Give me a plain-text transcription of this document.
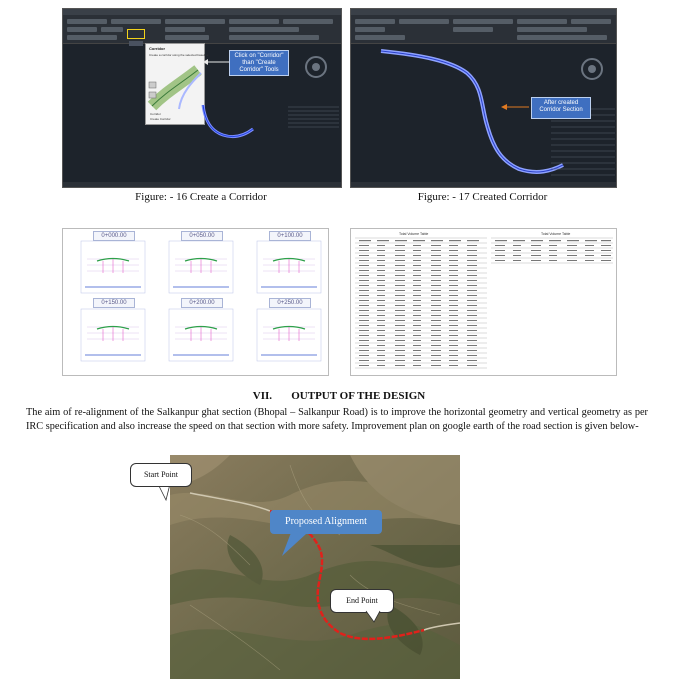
Corridor
Create a corridor using the selected baseline
Corridor
Create Corridor
Click on "Corridor" than "Create Corridor" Tools
Figure: - 16 Create a Corridor
After created Corridor Section
Figure: - 17 Created Corridor
0+000.00	0+050.00	0+100.00
0+150.00	0+200.00	0+250.00
Total Volume Table	Total Volume Table
VII.       OUTPUT OF THE DESIGN
The aim of re-alignment of the Salkanpur ghat section (Bhopal – Salkanpur Road) is to improve the horizontal geometry and vertical geometry as per IRC specification and also increase the speed on that section with more safety. Improvement plan on google earth of the road section is given below-
Proposed Alignment
End Point
Start Point
